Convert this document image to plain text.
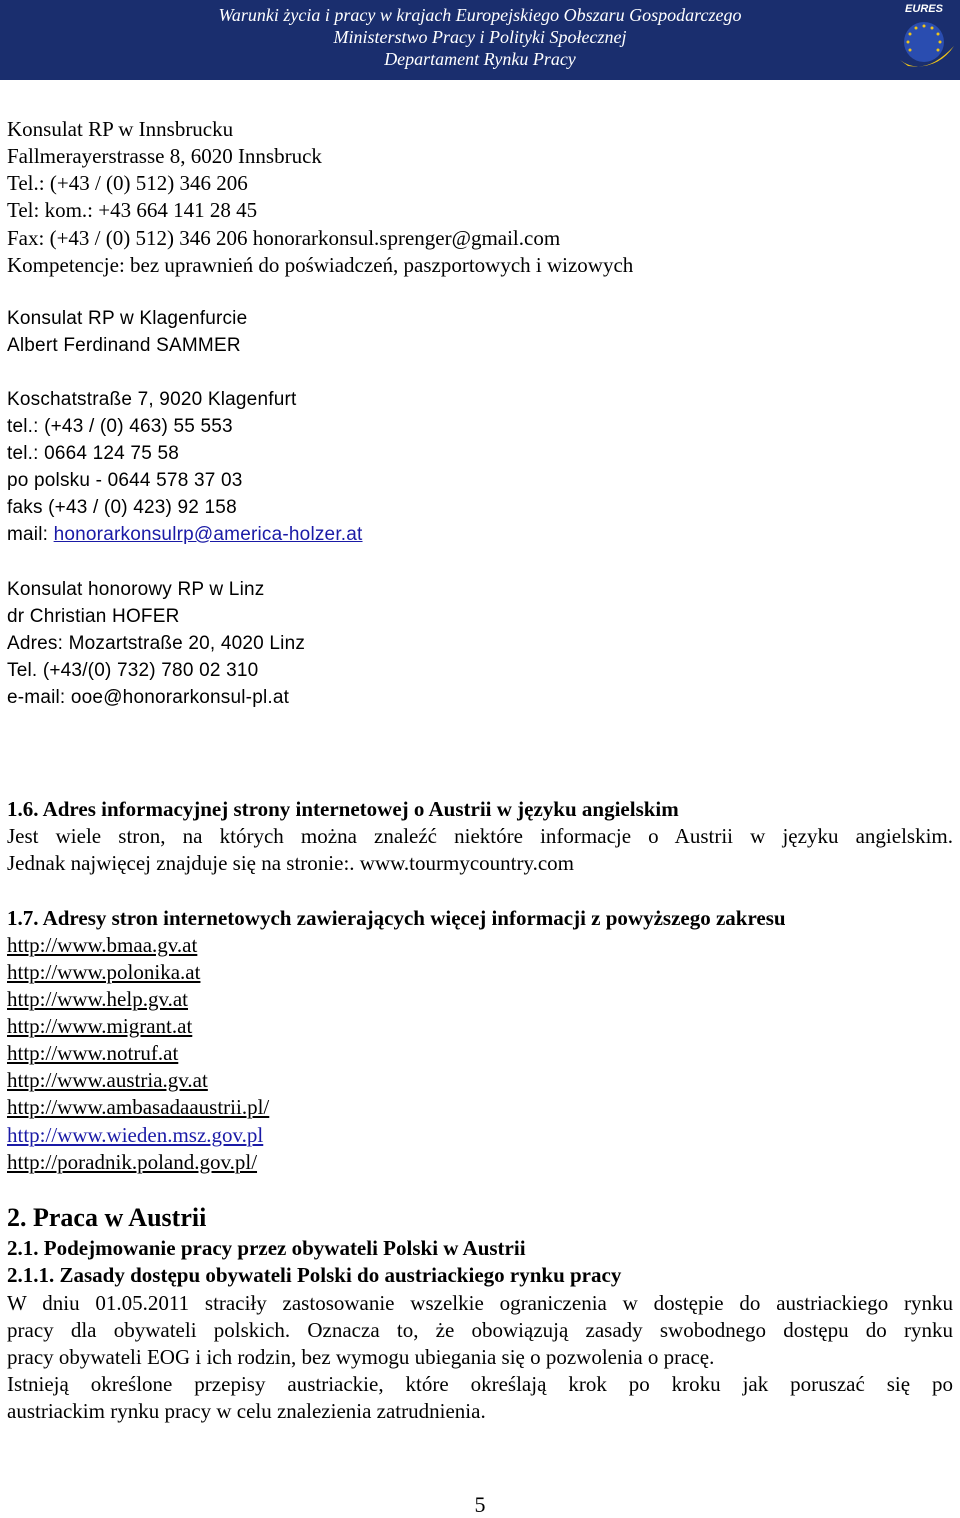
Warunki życia i pracy w krajach Europejskiego Obszaru Gospodarczego
Ministerstwo Pracy i Polityki Społecznej
Departament Rynku Pracy
EURES
Konsulat RP w Innsbrucku
Fallmerayerstrasse 8, 6020 Innsbruck
Tel.: (+43 / (0) 512) 346 206
Tel: kom.: +43 664 141 28 45
Fax: (+43 / (0) 512) 346 206 honorarkonsul.sprenger@gmail.com
Kompetencje: bez uprawnień do poświadczeń, paszportowych i wizowych
Konsulat RP w Klagenfurcie
Albert Ferdinand SAMMER
Koschatstraße 7, 9020 Klagenfurt
tel.: (+43 / (0) 463) 55 553
tel.: 0664 124 75 58
po polsku - 0644 578 37 03
faks (+43 / (0) 423) 92 158
mail: honorarkonsulrp@america-holzer.at
Konsulat honorowy RP w Linz
dr Christian HOFER
Adres: Mozartstraße 20, 4020 Linz
Tel. (+43/(0) 732) 780 02 310
e-mail: ooe@honorarkonsul-pl.at
1.6. Adres informacyjnej strony internetowej o Austrii w języku angielskim
Jest wiele stron, na których można znaleźć niektóre informacje o Austrii w języku angielskim.
Jednak najwięcej znajduje się na stronie:. www.tourmycountry.com
1.7. Adresy stron internetowych zawierających więcej informacji z powyższego zakresu
http://www.bmaa.gv.at
http://www.polonika.at
http://www.help.gv.at
http://www.migrant.at
http://www.notruf.at
http://www.austria.gv.at
http://www.ambasadaaustrii.pl/
http://www.wieden.msz.gov.pl
http://poradnik.poland.gov.pl/
2. Praca w Austrii
2.1. Podejmowanie pracy przez obywateli Polski w Austrii
2.1.1. Zasady dostępu obywateli Polski do austriackiego rynku pracy
W dniu 01.05.2011 straciły zastosowanie wszelkie ograniczenia w dostępie do austriackiego rynku
pracy dla obywateli polskich. Oznacza to, że obowiązują zasady swobodnego dostępu do rynku
pracy obywateli EOG i ich rodzin, bez wymogu ubiegania się o pozwolenia o pracę.
Istnieją określone przepisy austriackie, które określają krok po kroku jak poruszać się po
austriackim rynku pracy w celu znalezienia zatrudnienia.
5
